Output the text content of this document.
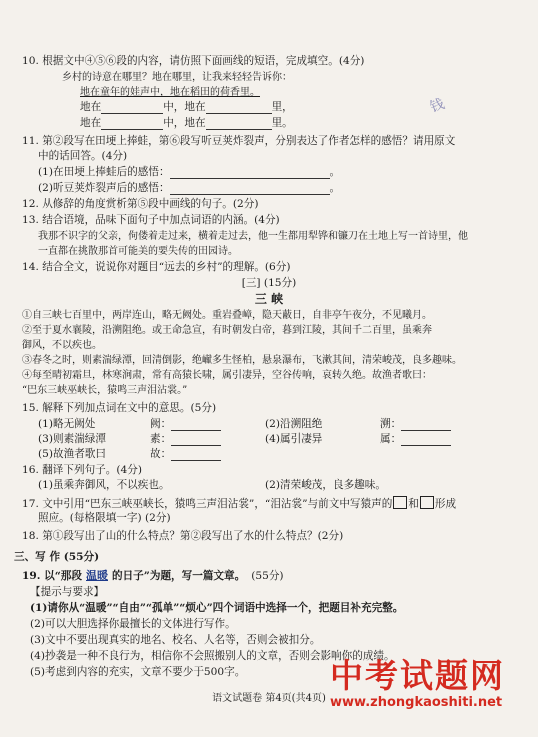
10. 根据文中④⑤⑥段的内容，请仿照下面画线的短语，完成填空。(4分)
乡村的诗意在哪里？地在哪里，让我来轻轻告诉你：
地在童年的娃声中，地在稻田的荷香里。
地在	中，地在	里，
地在	中，地在	里。
11. 第②段写在田埂上捧蛙，第⑥段写听豆荚炸裂声，分别表达了作者怎样的感悟？请用原文
中的话回答。(4分)
(1)在田埂上捧蛙后的感悟：	。
(2)听豆荚炸裂声后的感悟：	。
12. 从修辞的角度赏析第⑤段中画线的句子。(2分)
13. 结合语境，品味下面句子中加点词语的内涵。(4分)
我那不识字的父亲，佝偻着走过来，横着走过去，他一生都用犁铧和镰刀在土地上写一首诗里，他
一直都在挑散那首可能美的要失传的田园诗。
14. 结合全文，说说你对题目“远去的乡村”的理解。(6分)
[三] (15分)
三 峡
①自三峡七百里中，两岸连山，略无阙处。重岩叠嶂，隐天蔽日，自非亭午夜分，不见曦月。
②至于夏水襄陵，沿溯阻绝。或王命急宣，有时朝发白帝，暮到江陵，其间千二百里，虽乘奔
御风，不以疾也。
③春冬之时，则素湍绿潭，回清倒影，绝𪩘多生怪柏，悬泉瀑布，飞漱其间，清荣峻茂，良多趣味。
④每至晴初霜旦，林寒涧肃，常有高猿长啸，属引凄异，空谷传响，哀转久绝。故渔者歌曰：
“巴东三峡巫峡长，猿鸣三声泪沾裳。”
15. 解释下列加点词在文中的意思。(5分)
(1)略无阙处	阙：	(2)沿溯阻绝	溯：
(3)则素湍绿潭	素：	(4)属引凄异	属：
(5)故渔者歌曰	故：
16. 翻译下列句子。(4分)
(1)虽乘奔御风，不以疾也。	(2)清荣峻茂，良多趣味。
17. 文中引用“巴东三峡巫峡长，猿鸣三声泪沾裳”，“泪沾裳”与前文中写猿声的 和 形成
照应。(每格限填一字) (2分)
18. 第①段写出了山的什么特点？第②段写出了水的什么特点？(2分)
三、写 作 (55分)
19. 以“那段 温暖 的日子”为题，写一篇文章。 (55分)
【提示与要求】
(1)请你从“温暖”“自由”“孤单”“烦心”四个词语中选择一个，把题目补充完整。
(2)可以大胆选择你最擅长的文体进行写作。
(3)文中不要出现真实的地名、校名、人名等，否则会被扣分。
(4)抄袭是一种不良行为，相信你不会照搬别人的文章，否则会影响你的成绩。
(5)考虑到内容的充实，文章不要少于500字。
语文试题卷 第4页(共4页)
中考试题网
www.zhongkaoshiti.net
钱
